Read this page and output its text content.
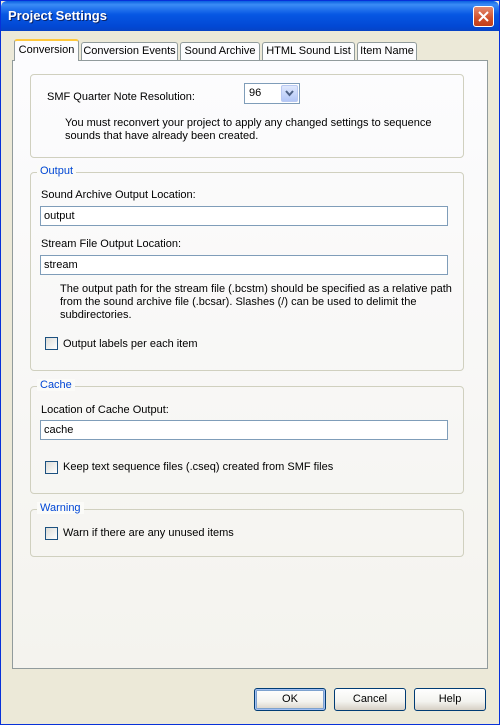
Project Settings
Conversion Conversion Events Sound Archive HTML Sound List Item Name
SMF Quarter Note Resolution:	96
You must reconvert your project to apply any changed settings to sequence sounds that have already been created.
Output
Sound Archive Output Location:
output
Stream File Output Location:
stream
The output path for the stream file (.bcstm) should be specified as a relative path from the sound archive file (.bcsar). Slashes (/) can be used to delimit the subdirectories.
Output labels per each item
Cache
Location of Cache Output:
cache
Keep text sequence files (.cseq) created from SMF files
Warning
Warn if there are any unused items
OK	Cancel	Help
